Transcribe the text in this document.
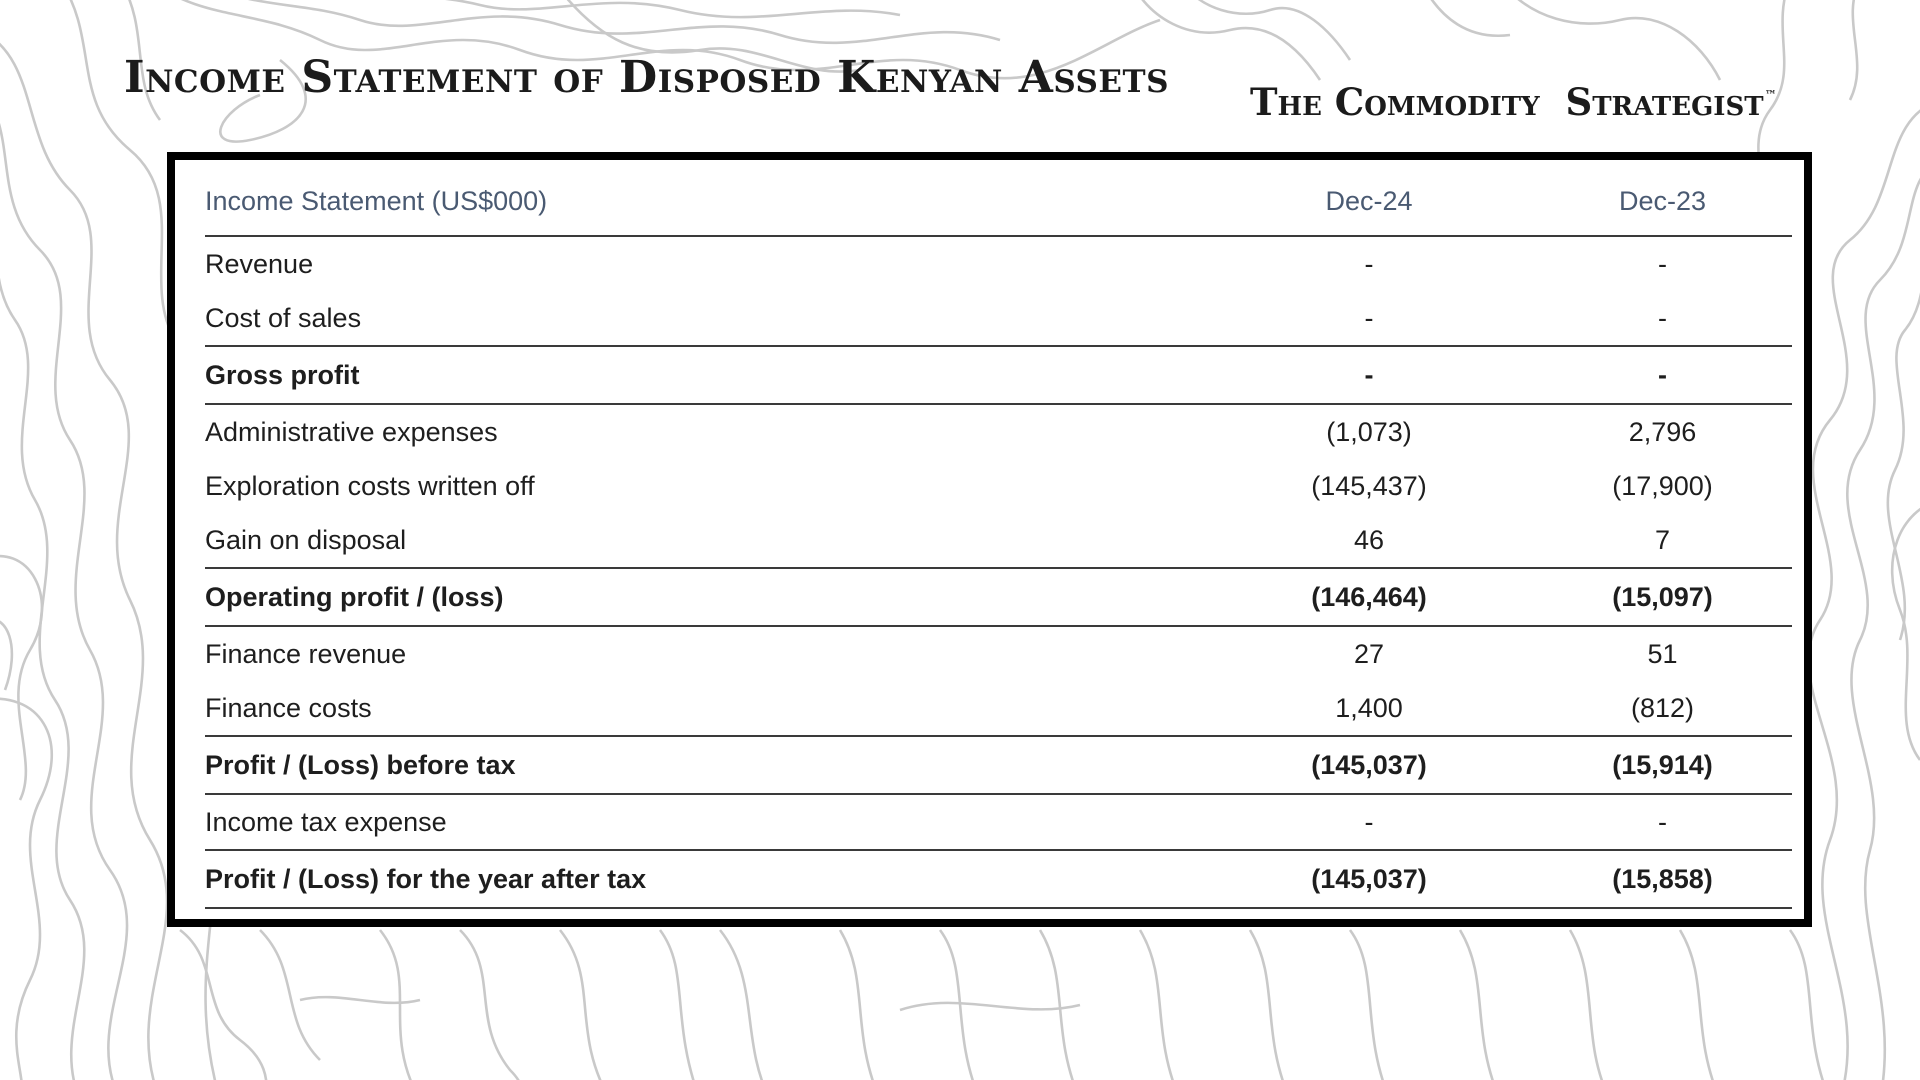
Income Statement of Disposed Kenyan Assets The Commodity  Strategist™
Income Statement (US$000)	Dec-24	Dec-23
Revenue	-	-
Cost of sales	-	-
Gross profit	-	-
Administrative expenses	(1,073)	2,796
Exploration costs written off	(145,437)	(17,900)
Gain on disposal	46	7
Operating profit / (loss)	(146,464)	(15,097)
Finance revenue	27	51
Finance costs	1,400	(812)
Profit / (Loss) before tax	(145,037)	(15,914)
Income tax expense	-	-
Profit / (Loss) for the year after tax	(145,037)	(15,858)
